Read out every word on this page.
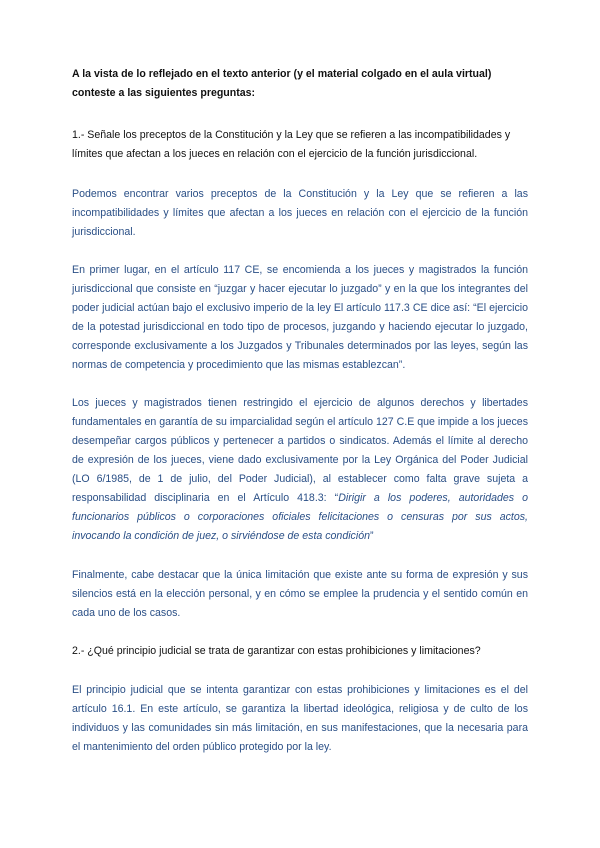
A la vista de lo reflejado en el texto anterior (y el material colgado en el aula virtual)
conteste a las siguientes preguntas:

1.- Señale los preceptos de la Constitución y la Ley que se refieren a las incompatibilidades y límites que afectan a los jueces en relación con el ejercicio de la función jurisdiccional.

Podemos encontrar varios preceptos de la Constitución y la Ley que se refieren a las incompatibilidades y límites que afectan a los jueces en relación con el ejercicio de la función jurisdiccional.

En primer lugar, en el artículo 117 CE, se encomienda a los jueces y magistrados la función jurisdiccional que consiste en “juzgar y hacer ejecutar lo juzgado” y en la que los integrantes del poder judicial actúan bajo el exclusivo imperio de la ley El artículo 117.3 CE dice así: “El ejercicio de la potestad jurisdiccional en todo tipo de procesos, juzgando y haciendo ejecutar lo juzgado, corresponde exclusivamente a los Juzgados y Tribunales determinados por las leyes, según las normas de competencia y procedimiento que las mismas establezcan”.

Los jueces y magistrados tienen restringido el ejercicio de algunos derechos y libertades fundamentales en garantía de su imparcialidad según el artículo 127 C.E que impide a los jueces desempeñar cargos públicos y pertenecer a partidos o sindicatos. Además el límite al derecho de expresión de los jueces, viene dado exclusivamente por la Ley Orgánica del Poder Judicial (LO 6/1985, de 1 de julio, del Poder Judicial), al establecer como falta grave sujeta a responsabilidad disciplinaria en el Artículo 418.3: “Dirigir a los poderes, autoridades o funcionarios públicos o corporaciones oficiales felicitaciones o censuras por sus actos, invocando la condición de juez, o sirviéndose de esta condición”

Finalmente, cabe destacar que la única limitación que existe ante su forma de expresión y sus silencios está en la elección personal, y en cómo se emplee la prudencia y el sentido común en cada uno de los casos.

2.- ¿Qué principio judicial se trata de garantizar con estas prohibiciones y limitaciones?

El principio judicial que se intenta garantizar con estas prohibiciones y limitaciones es el del artículo 16.1. En este artículo, se garantiza la libertad ideológica, religiosa y de culto de los individuos y las comunidades sin más limitación, en sus manifestaciones, que la necesaria para el mantenimiento del orden público protegido por la ley.
